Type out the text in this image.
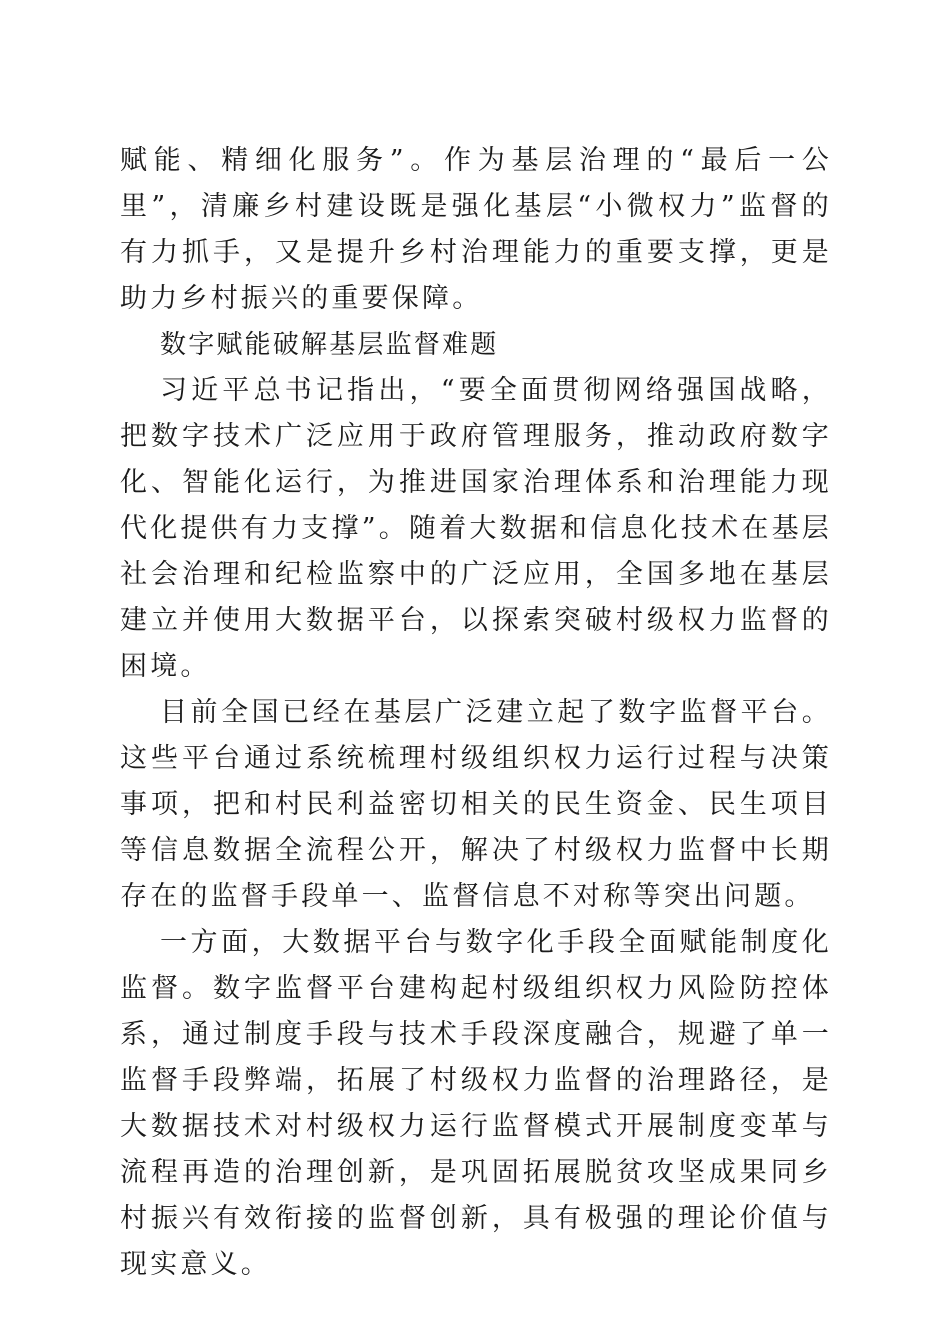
赋能、精细化服务”。作为基层治理的“最后一公里”，清廉乡村建设既是强化基层“小微权力”监督的有力抓手，又是提升乡村治理能力的重要支撑，更是助力乡村振兴的重要保障。

数字赋能破解基层监督难题

习近平总书记指出，“要全面贯彻网络强国战略，把数字技术广泛应用于政府管理服务，推动政府数字化、智能化运行，为推进国家治理体系和治理能力现代化提供有力支撑”。随着大数据和信息化技术在基层社会治理和纪检监察中的广泛应用，全国多地在基层建立并使用大数据平台，以探索突破村级权力监督的困境。

目前全国已经在基层广泛建立起了数字监督平台。这些平台通过系统梳理村级组织权力运行过程与决策事项，把和村民利益密切相关的民生资金、民生项目等信息数据全流程公开，解决了村级权力监督中长期存在的监督手段单一、监督信息不对称等突出问题。

一方面，大数据平台与数字化手段全面赋能制度化监督。数字监督平台建构起村级组织权力风险防控体系，通过制度手段与技术手段深度融合，规避了单一监督手段弊端，拓展了村级权力监督的治理路径，是大数据技术对村级权力运行监督模式开展制度变革与流程再造的治理创新，是巩固拓展脱贫攻坚成果同乡村振兴有效衔接的监督创新，具有极强的理论价值与现实意义。
